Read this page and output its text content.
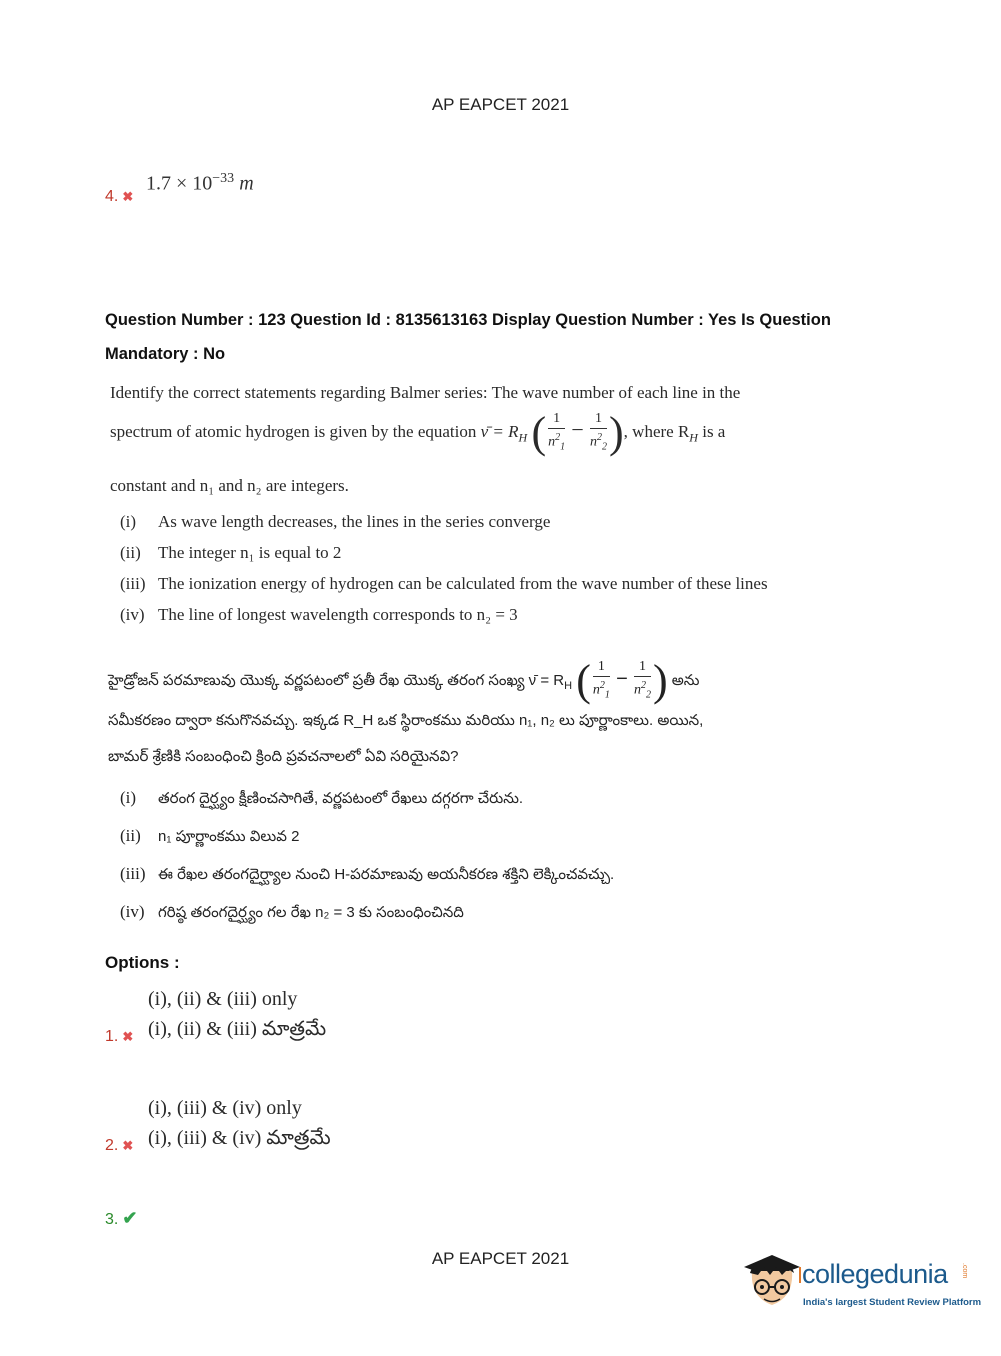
AP EAPCET 2021
4. ✖
$1.7 \times 10^{-33}$ m
Question Number : 123 Question Id : 8135613163 Display Question Number : Yes Is Question
Mandatory : No
Identify the correct statements regarding Balmer series: The wave number of each line in the
spectrum of atomic hydrogen is given by the equation ν̄ = $R_H$ ( $\frac{1}{n^2_1} - \frac{1}{n^2_2}$ ), where $R_H$ is a
constant and n₁ and n₂ are integers.
(i) As wave length decreases, the lines in the series converge
(ii) The integer n₁ is equal to 2
(iii) The ionization energy of hydrogen can be calculated from the wave number of these lines
(iv) The line of longest wavelength corresponds to n₂ = 3
హైడ్రోజన్ పరమాణువు యొక్క వర్ణపటంలో ప్రతీ రేఖ యొక్క తరంగ సంఖ్య ν̄ = $R_H$ ( $\frac{1}{n^2_1} - \frac{1}{n^2_2}$ ) అను
సమీకరణం ద్వారా కనుగొనవచ్చు. ఇక్కడ R_H ఒక స్థిరాంకము మరియు n₁, n₂ లు పూర్ణాంకాలు. అయిన,
బామర్ శ్రేణికి సంబంధించి క్రింది ప్రవచనాలలో ఏవి సరియైనవి?
(i) తరంగ దైర్ఘ్యం క్షీణించసాగితే, వర్ణపటంలో రేఖలు దగ్గరగా చేరును.
(ii) n₁ పూర్ణాంకము విలువ 2
(iii) ఈ రేఖల తరంగదైర్ఘ్యాల నుంచి H-పరమాణువు అయనీకరణ శక్తిని లెక్కించవచ్చు.
(iv) గరిష్ఠ తరంగదైర్ఘ్యం గల రేఖ n₂ = 3 కు సంబంధించినది
Options :
(i), (ii) & (iii) only
(i), (ii) & (iii) మాత్రమే
1. ✖
(i), (iii) & (iv) only
(i), (iii) & (iv) మాత్రమే
2. ✖
3. ✔
AP EAPCET 2021
collegedunia .com
India's largest Student Review Platform
